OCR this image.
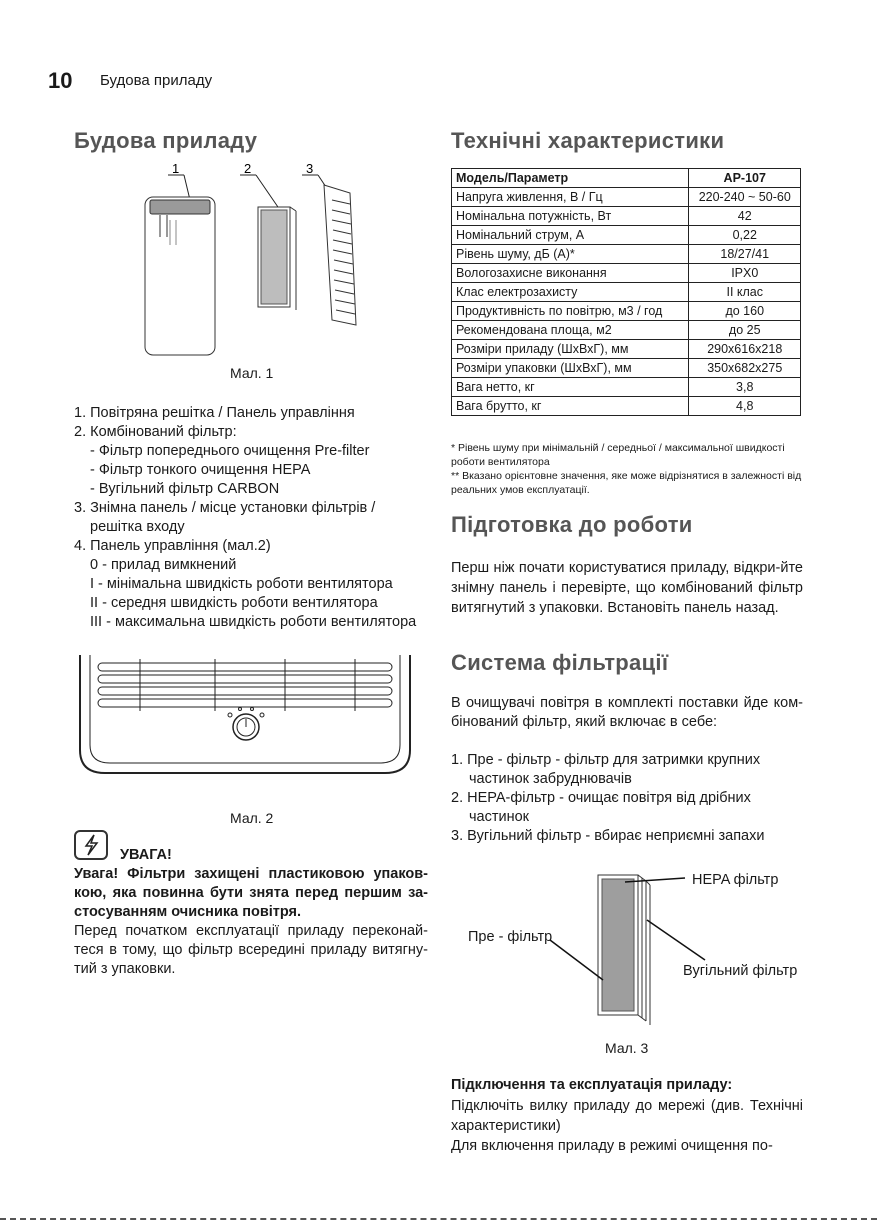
10 Будова приладу
Будова приладу
1	2	3
Мал. 1
1. Повітряна решітка / Панель управління
2. Комбінований фільтр:
- Фільтр попереднього очищення Pre-filter
- Фільтр тонкого очищення HEPA
- Вугільний фільтр CARBON
3. Знімна панель / місце установки фільтрів /
решітка входу
4. Панель управління (мал.2)
0 - прилад вимкнений
I - мінімальна швидкість роботи вентилятора
II - середня швидкість роботи вентилятора
III - максимальна швидкість роботи вентилятора
Мал. 2
УВАГА!
Увага! Фільтри захищені пластиковою упаков-кою, яка повинна бути знята перед першим за-стосуванням очисника повітря.
Перед початком експлуатації приладу переконай-теся в тому, що фільтр всередині приладу витягну-тий з упаковки.
Технічні характеристики
Модель/Параметр	AP-107
Напруга живлення, В / Гц	220-240 ~ 50-60
Номінальна потужність, Вт	42
Номінальний струм, А	0,22
Рівень шуму, дБ (А)*	18/27/41
Вологозахисне виконання	IPX0
Клас електрозахисту	II клас
Продуктивність по повітрю, м3 / год	до 160
Рекомендована площа, м2	до 25
Розміри приладу (ШхВхГ), мм	290x616x218
Розміри упаковки (ШхВхГ), мм	350x682x275
Вага нетто, кг	3,8
Вага брутто, кг	4,8
* Рівень шуму при мінімальній / середньої / максимальної швидкості роботи вентилятора
** Вказано орієнтовне значення, яке може відрізнятися в залежності від реальних умов експлуатації.
Підготовка до роботи
Перш ніж почати користуватися приладу, відкри-йте знімну панель і перевірте, що комбінований фільтр витягнутий з упаковки. Встановіть панель назад.
Система фільтрації
В очищувачі повітря в комплекті поставки йде ком-бінований фільтр, який включає в себе:
1. Пре - фільтр - фільтр для затримки крупних
частинок забруднювачів
2. HEPA-фільтр - очищає повітря від дрібних
частинок
3. Вугільний фільтр - вбирає неприємні запахи
HEPA фільтр
Пре - фільтр
Вугільний фільтр
Мал. 3
Підключення та експлуатація приладу:
Підключіть вилку приладу до мережі (див. Технічні характеристики)
Для включення приладу в режимі очищення по-
